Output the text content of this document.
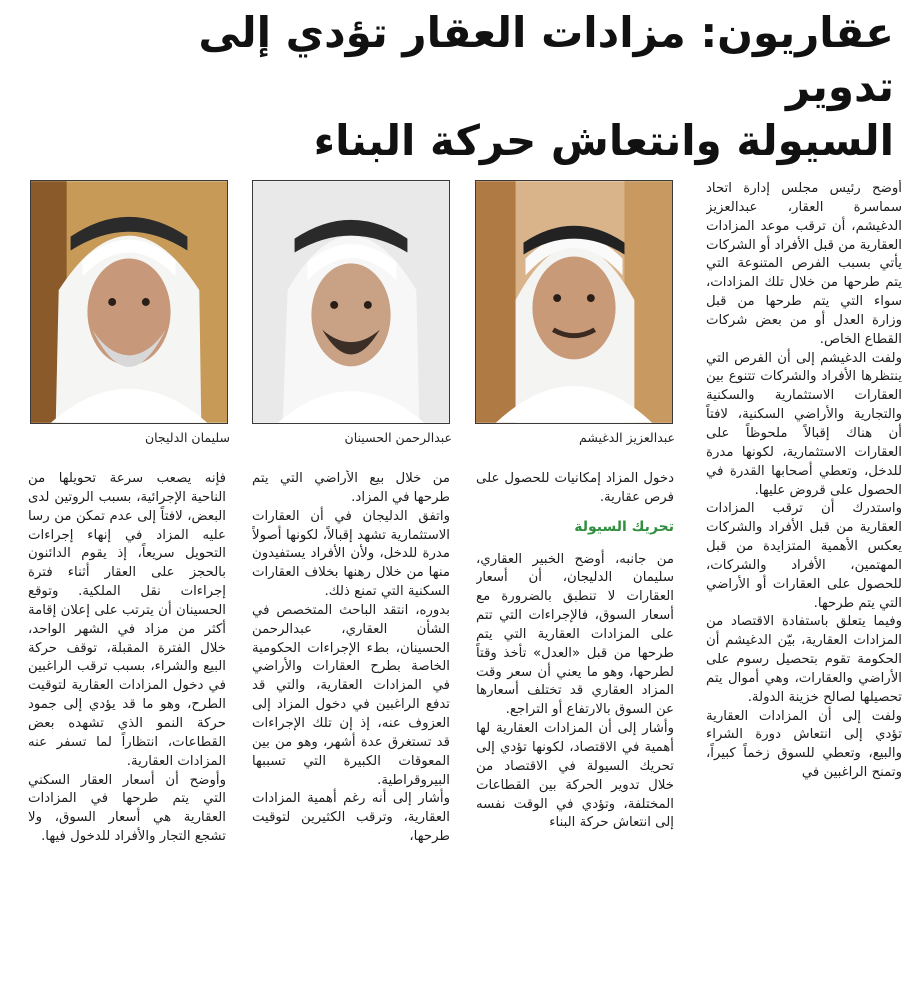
عقاريون: مزادات العقار تؤدي إلى تدوير
السيولة وانتعاش حركة البناء
عبدالعزيز الدغيشم
عبدالرحمن الحسينان
سليمان الدليجان

أوضح رئيس مجلس إدارة اتحاد سماسرة العقار، عبدالعزيز الدغيشم، أن ترقب موعد المزادات العقارية من قبل الأفراد أو الشركات يأتي بسبب الفرص المتنوعة التي يتم طرحها من خلال تلك المزادات، سواء التي يتم طرحها من قبل وزارة العدل أو من بعض شركات القطاع الخاص.

ولفت الدغيشم إلى أن الفرص التي ينتظرها الأفراد والشركات تتنوع بين العقارات الاستثمارية والسكنية والتجارية والأراضي السكنية، لافتاً أن هناك إقبالاً ملحوظاً على العقارات الاستثمارية، لكونها مدرة للدخل، وتعطي أصحابها القدرة في الحصول على قروض عليها.

واستدرك أن ترقب المزادات العقارية من قبل الأفراد والشركات يعكس الأهمية المتزايدة من قبل المهتمين، الأفراد والشركات، للحصول على العقارات أو الأراضي التي يتم طرحها.

وفيما يتعلق باستفادة الاقتصاد من المزادات العقارية، بيّن الدغيشم أن الحكومة تقوم بتحصيل رسوم على الأراضي والعقارات، وهي أموال يتم تحصيلها لصالح خزينة الدولة.

ولفت إلى أن المزادات العقارية تؤدي إلى انتعاش دورة الشراء والبيع، وتعطي للسوق زخماً كبيراً، وتمنح الراغبين في

دخول المزاد إمكانيات للحصول على فرص عقارية.

تحريك السيولة

من جانبه، أوضح الخبير العقاري، سليمان الدليجان، أن أسعار العقارات لا تنطبق بالضرورة مع أسعار السوق، فالإجراءات التي تتم على المزادات العقارية التي يتم طرحها من قبل «العدل» تأخذ وقتاً لطرحها، وهو ما يعني أن سعر وقت المزاد العقاري قد تختلف أسعارها عن السوق بالارتفاع أو التراجع.

وأشار إلى أن المزادات العقارية لها أهمية في الاقتصاد، لكونها تؤدي إلى تحريك السيولة في الاقتصاد من خلال تدوير الحركة بين القطاعات المختلفة، وتؤدي في الوقت نفسه إلى انتعاش حركة البناء

من خلال بيع الأراضي التي يتم طرحها في المزاد.

واتفق الدليجان في أن العقارات الاستثمارية تشهد إقبالاً، لكونها أصولاً مدرة للدخل، ولأن الأفراد يستفيدون منها من خلال رهنها بخلاف العقارات السكنية التي تمنع ذلك.

بدوره، انتقد الباحث المتخصص في الشأن العقاري، عبدالرحمن الحسينان، بطء الإجراءات الحكومية الخاصة بطرح العقارات والأراضي في المزادات العقارية، والتي قد تدفع الراغبين في دخول المزاد إلى العزوف عنه، إذ إن تلك الإجراءات قد تستغرق عدة أشهر، وهو من بين المعوقات الكبيرة التي تسببها البيروقراطية.

وأشار إلى أنه رغم أهمية المزادات العقارية، وترقب الكثيرين لتوقيت طرحها،

فإنه يصعب سرعة تحويلها من الناحية الإجرائية، بسبب الروتين لدى البعض، لافتاً إلى عدم تمكن من رسا عليه المزاد في إنهاء إجراءات التحويل سريعاً، إذ يقوم الدائنون بالحجز على العقار أثناء فترة إجراءات نقل الملكية. وتوقع الحسينان أن يترتب على إعلان إقامة أكثر من مزاد في الشهر الواحد، خلال الفترة المقبلة، توقف حركة البيع والشراء، بسبب ترقب الراغبين في دخول المزادات العقارية لتوقيت الطرح، وهو ما قد يؤدي إلى جمود حركة النمو الذي تشهده بعض القطاعات، انتظاراً لما تسفر عنه المزادات العقارية.

وأوضح أن أسعار العقار السكني التي يتم طرحها في المزادات العقارية هي أسعار السوق، ولا تشجع التجار والأفراد للدخول فيها.
